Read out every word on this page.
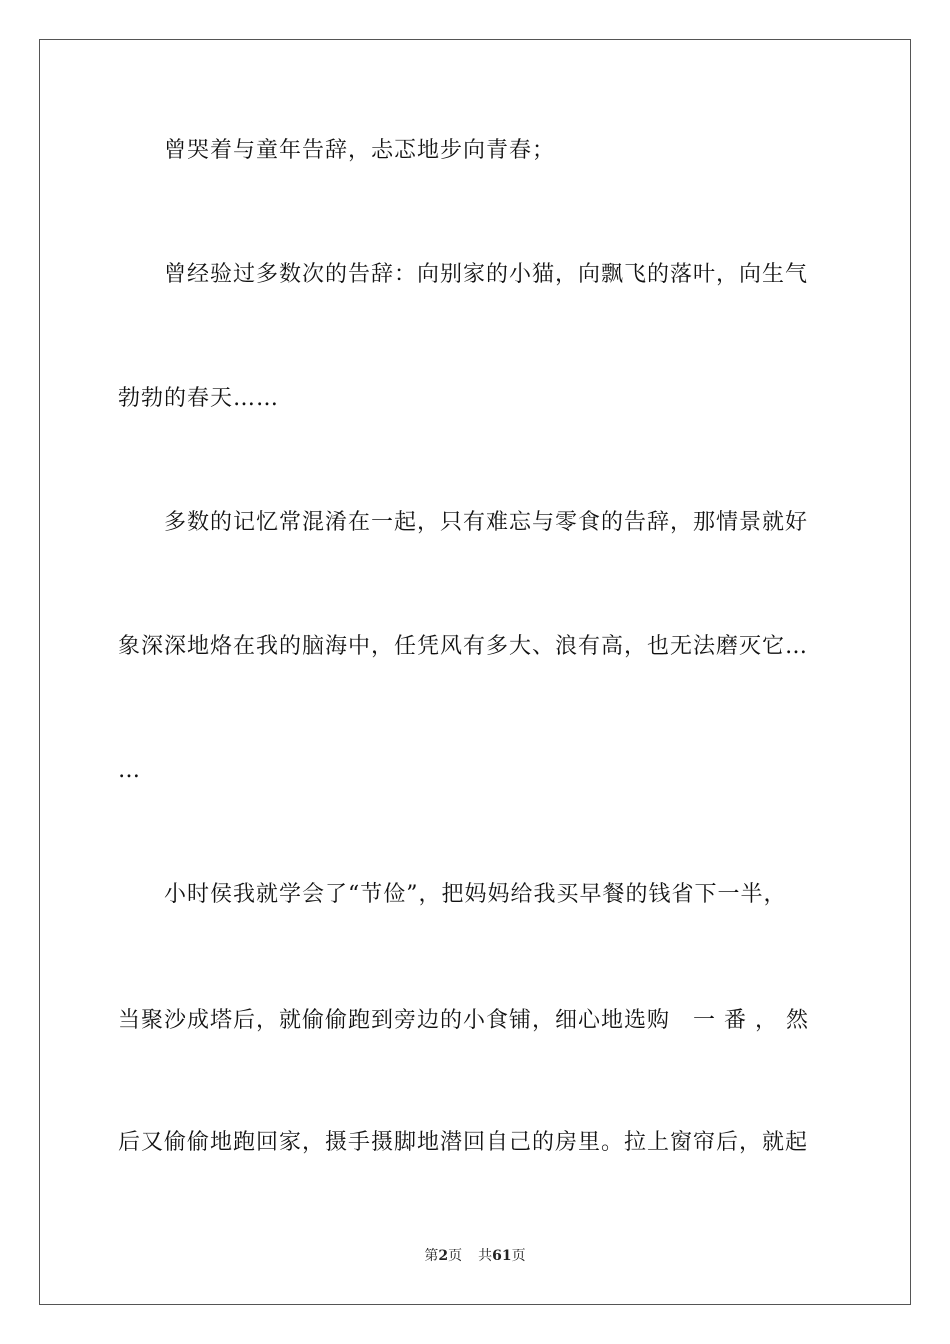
曾哭着与童年告辞，忐忑地步向青春；
曾经验过多数次的告辞：向别家的小猫，向飘飞的落叶，向生气
勃勃的春天……
多数的记忆常混淆在一起，只有难忘与零食的告辞，那情景就好
象深深地烙在我的脑海中，任凭风有多大、浪有高，也无法磨灭它…
…
小时侯我就学会了“节俭”，把妈妈给我买早餐的钱省下一半，
当聚沙成塔后，就偷偷跑到旁边的小食铺，细心地选购　一 番 ， 然
后又偷偷地跑回家，摄手摄脚地潜回自己的房里。拉上窗帘后，就起
第2页 共61页
